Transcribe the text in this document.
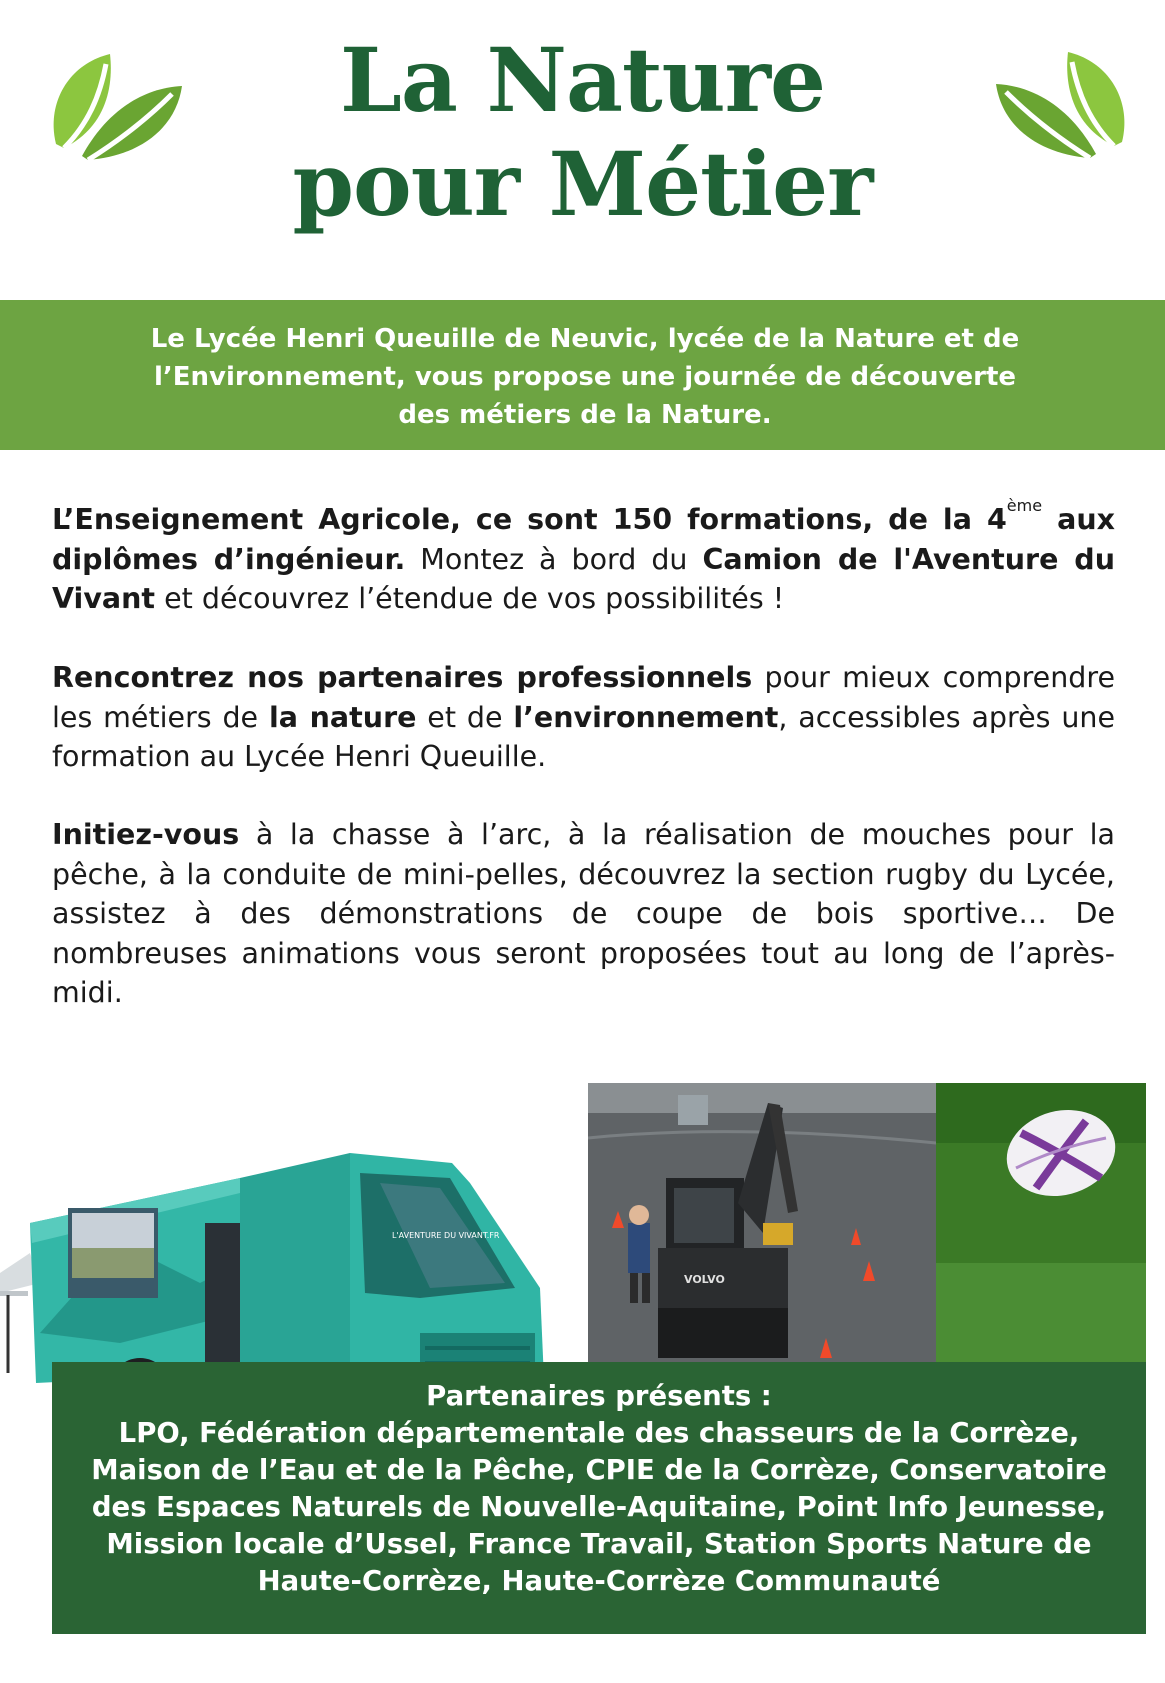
La Nature
pour Métier
Le Lycée Henri Queuille de Neuvic, lycée de la Nature et de
l’Environnement, vous propose une journée de découverte
des métiers de la Nature.
L’Enseignement Agricole, ce sont 150 formations, de la 4ème aux diplômes d’ingénieur. Montez à bord du Camion de l'Aventure du Vivant et découvrez l’étendue de vos possibilités !
Rencontrez nos partenaires professionnels pour mieux comprendre les métiers de la nature et de l’environnement, accessibles après une formation au Lycée Henri Queuille.
Initiez-vous à la chasse à l’arc, à la réalisation de mouches pour la pêche, à la conduite de mini-pelles, découvrez la section rugby du Lycée, assistez à des démonstrations de coupe de bois sportive… De nombreuses animations vous seront proposées tout au long de l’après-midi.
L'AVENTURE DU VIVANT.FR
VOLVO
Partenaires présents :
LPO, Fédération départementale des chasseurs de la Corrèze,
Maison de l’Eau et de la Pêche, CPIE de la Corrèze, Conservatoire
des Espaces Naturels de Nouvelle-Aquitaine, Point Info Jeunesse,
Mission locale d’Ussel, France Travail, Station Sports Nature de
Haute-Corrèze, Haute-Corrèze Communauté
